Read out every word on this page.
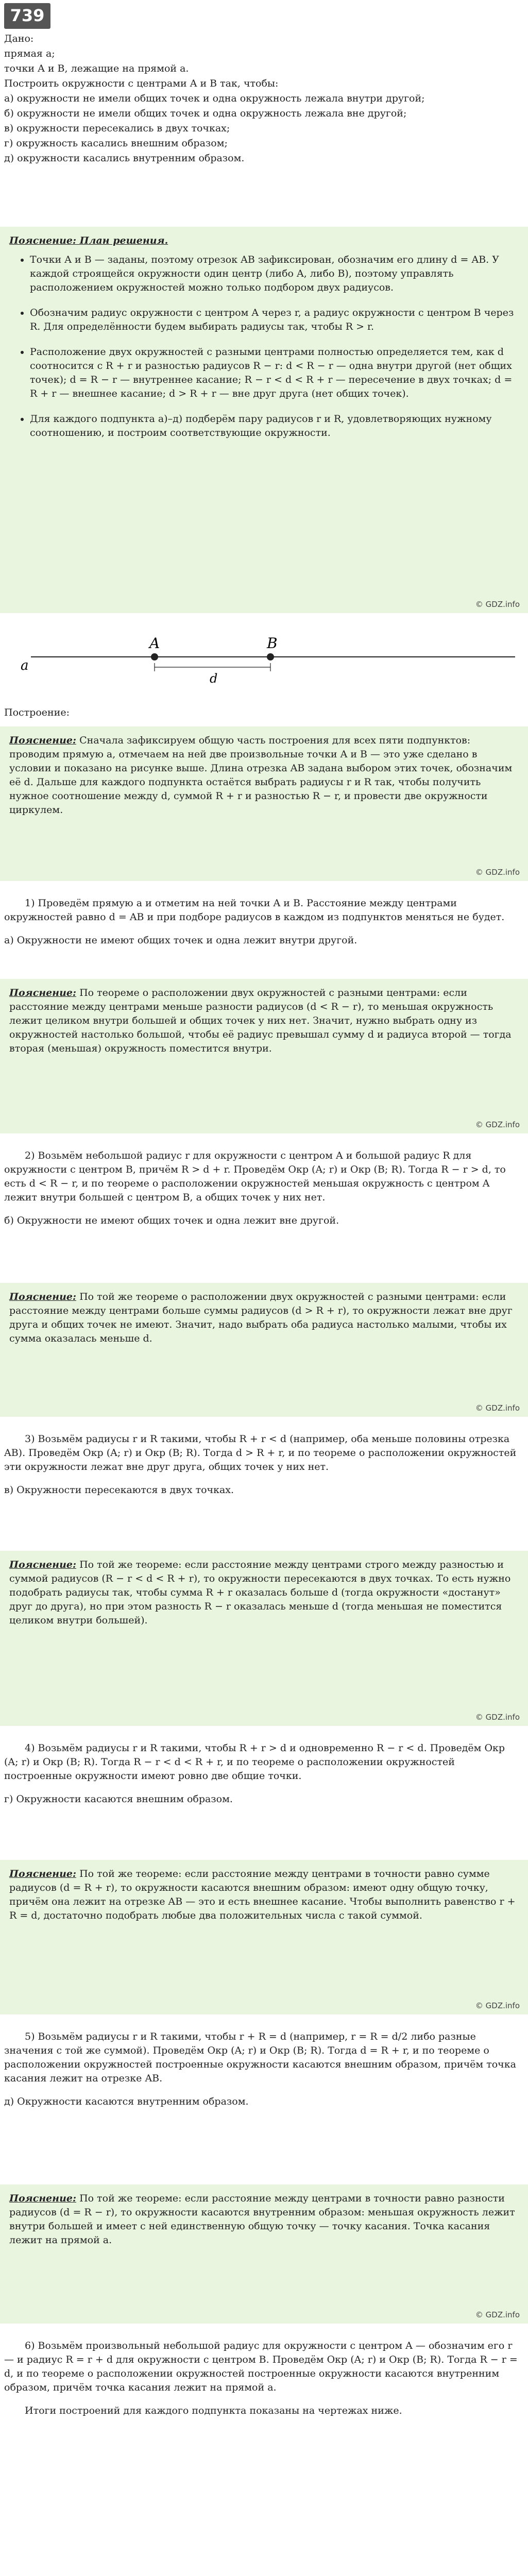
739

Дано:

прямая a;

точки A и B, лежащие на прямой a.

Построить окружности с центрами A и B так, чтобы:

а) окружности не имели общих точек и одна окружность лежала внутри другой;

б) окружности не имели общих точек и одна окружность лежала вне другой;

в) окружности пересекались в двух точках;

г) окружность касались внешним образом;

д) окружности касались внутренним образом.

Пояснение: План решения.
• Точки A и B — заданы, поэтому отрезок AB зафиксирован, обозначим его длину d = AB. У каждой строящейся окружности один центр (либо A, либо B), поэтому управлять расположением окружностей можно только подбором двух радиусов.
• Обозначим радиус окружности с центром A через r, а радиус окружности с центром B через R. Для определённости будем выбирать радиусы так, чтобы R > r.
• Расположение двух окружностей с разными центрами полностью определяется тем, как d соотносится с R + r и разностью радиусов R − r: d < R − r — одна внутри другой (нет общих точек); d = R − r — внутреннее касание; R − r < d < R + r — пересечение в двух точках; d = R + r — внешнее касание; d > R + r — вне друг друга (нет общих точек).
• Для каждого подпункта а)–д) подберём пару радиусов r и R, удовлетворяющих нужному соотношению, и построим соответствующие окружности.
© GDZ.info
A	B
a
d

Построение:

Пояснение: Сначала зафиксируем общую часть построения для всех пяти подпунктов: проводим прямую a, отмечаем на ней две произвольные точки A и B — это уже сделано в условии и показано на рисунке выше. Длина отрезка AB задана выбором этих точек, обозначим её d. Дальше для каждого подпункта остаётся выбрать радиусы r и R так, чтобы получить нужное соотношение между d, суммой R + r и разностью R − r, и провести две окружности циркулем.
© GDZ.info

1) Проведём прямую a и отметим на ней точки A и B. Расстояние между центрами окружностей равно d = AB и при подборе радиусов в каждом из подпунктов меняться не будет.

а) Окружности не имеют общих точек и одна лежит внутри другой.

Пояснение: По теореме о расположении двух окружностей с разными центрами: если расстояние между центрами меньше разности радиусов (d < R − r), то меньшая окружность лежит целиком внутри большей и общих точек у них нет. Значит, нужно выбрать одну из окружностей настолько большой, чтобы её радиус превышал сумму d и радиуса второй — тогда вторая (меньшая) окружность поместится внутри.
© GDZ.info

2) Возьмём небольшой радиус r для окружности с центром A и большой радиус R для окружности с центром B, причём R > d + r. Проведём Окр (A; r) и Окр (B; R). Тогда R − r > d, то есть d < R − r, и по теореме о расположении окружностей меньшая окружность с центром A лежит внутри большей с центром B, а общих точек у них нет.

б) Окружности не имеют общих точек и одна лежит вне другой.

Пояснение: По той же теореме о расположении двух окружностей с разными центрами: если расстояние между центрами больше суммы радиусов (d > R + r), то окружности лежат вне друг друга и общих точек не имеют. Значит, надо выбрать оба радиуса настолько малыми, чтобы их сумма оказалась меньше d.
© GDZ.info

3) Возьмём радиусы r и R такими, чтобы R + r < d (например, оба меньше половины отрезка AB). Проведём Окр (A; r) и Окр (B; R). Тогда d > R + r, и по теореме о расположении окружностей эти окружности лежат вне друг друга, общих точек у них нет.

в) Окружности пересекаются в двух точках.

Пояснение: По той же теореме: если расстояние между центрами строго между разностью и суммой радиусов (R − r < d < R + r), то окружности пересекаются в двух точках. То есть нужно подобрать радиусы так, чтобы сумма R + r оказалась больше d (тогда окружности «достанут» друг до друга), но при этом разность R − r оказалась меньше d (тогда меньшая не поместится целиком внутри большей).
© GDZ.info

4) Возьмём радиусы r и R такими, чтобы R + r > d и одновременно R − r < d. Проведём Окр (A; r) и Окр (B; R). Тогда R − r < d < R + r, и по теореме о расположении окружностей построенные окружности имеют ровно две общие точки.

г) Окружности касаются внешним образом.

Пояснение: По той же теореме: если расстояние между центрами в точности равно сумме радиусов (d = R + r), то окружности касаются внешним образом: имеют одну общую точку, причём она лежит на отрезке AB — это и есть внешнее касание. Чтобы выполнить равенство r + R = d, достаточно подобрать любые два положительных числа с такой суммой.
© GDZ.info

5) Возьмём радиусы r и R такими, чтобы r + R = d (например, r = R = d/2 либо разные значения с той же суммой). Проведём Окр (A; r) и Окр (B; R). Тогда d = R + r, и по теореме о расположении окружностей построенные окружности касаются внешним образом, причём точка касания лежит на отрезке AB.

д) Окружности касаются внутренним образом.

Пояснение: По той же теореме: если расстояние между центрами в точности равно разности радиусов (d = R − r), то окружности касаются внутренним образом: меньшая окружность лежит внутри большей и имеет с ней единственную общую точку — точку касания. Точка касания лежит на прямой a.
© GDZ.info

6) Возьмём произвольный небольшой радиус для окружности с центром A — обозначим его r — и радиус R = r + d для окружности с центром B. Проведём Окр (A; r) и Окр (B; R). Тогда R − r = d, и по теореме о расположении окружностей построенные окружности касаются внутренним образом, причём точка касания лежит на прямой a.

Итоги построений для каждого подпункта показаны на чертежах ниже.
